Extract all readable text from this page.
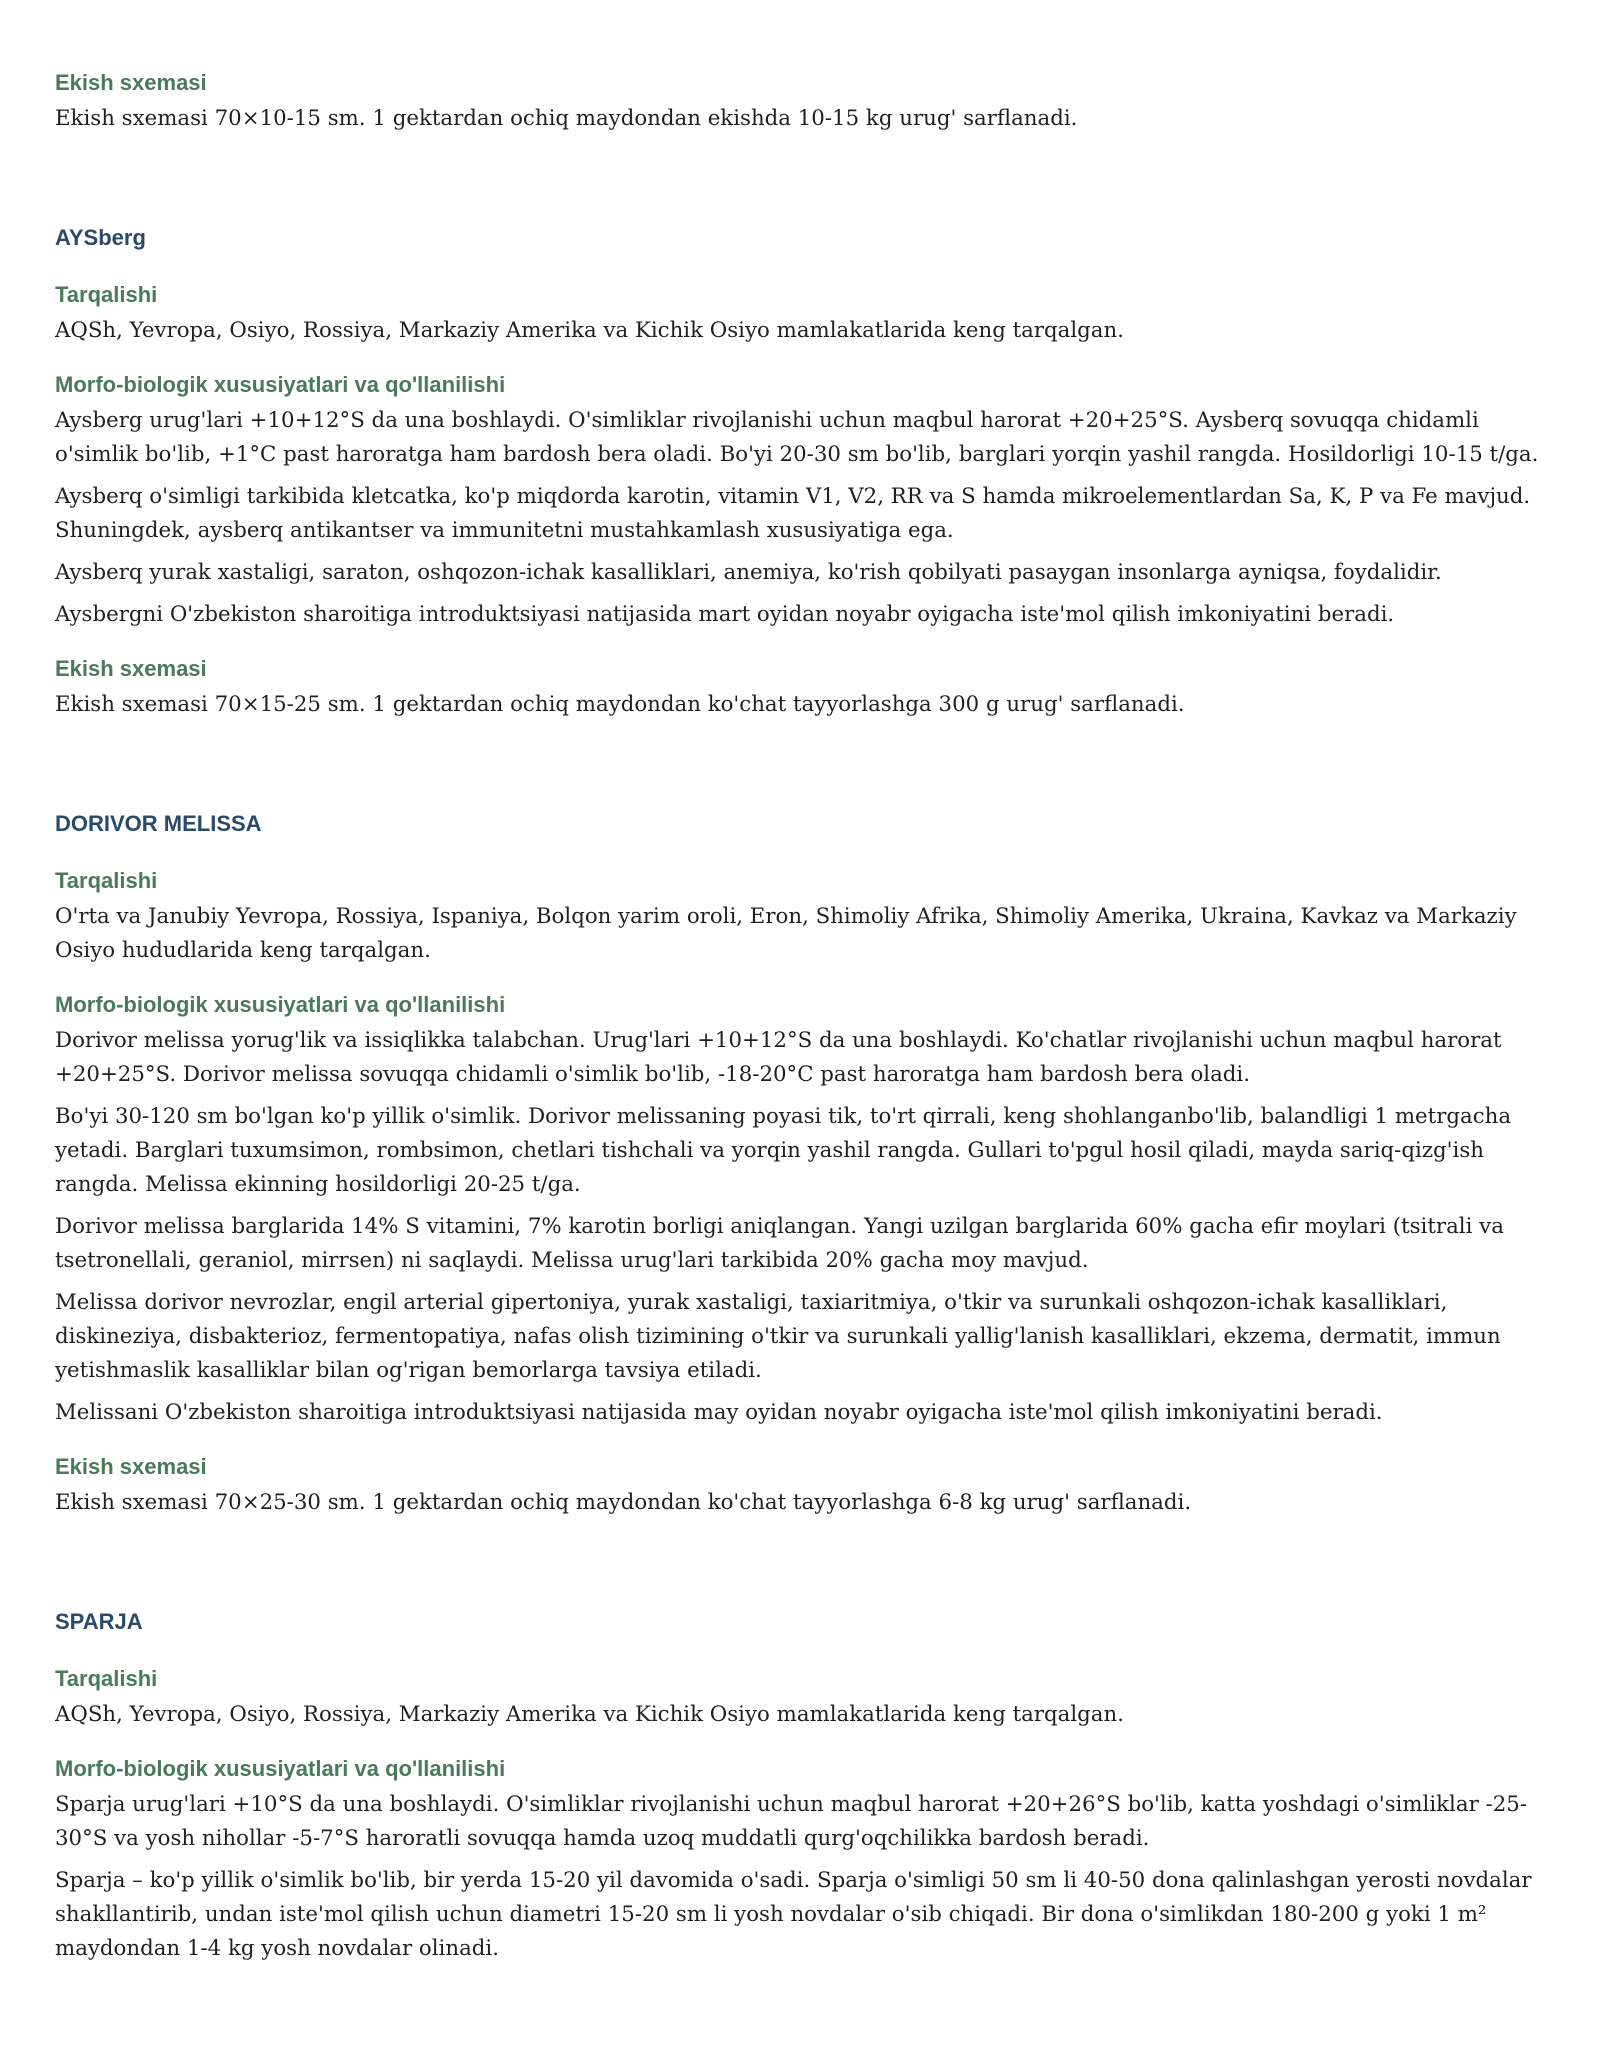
Ekish sxemasi

Ekish sxemasi 70×10-15 sm. 1 gektardan ochiq maydondan ekishda 10-15 kg urug' sarflanadi.

AYSberg
Tarqalishi

AQSh, Yevropa, Osiyo, Rossiya, Markaziy Amerika va Kichik Osiyo mamlakatlarida keng tarqalgan.

Morfo-biologik xususiyatlari va qo'llanilishi

Aysberg urug'lari +10+12°S da una boshlaydi. O'simliklar rivojlanishi uchun maqbul harorat +20+25°S. Aysberq sovuqqa chidamli o'simlik bo'lib, +1°C past haroratga ham bardosh bera oladi. Bo'yi 20-30 sm bo'lib, barglari yorqin yashil rangda. Hosildorligi 10-15 t/ga.

Aysberq o'simligi tarkibida kletcatka, ko'p miqdorda karotin, vitamin V1, V2, RR va S hamda mikroelementlardan Sa, K, P va Fe mavjud. Shuningdek, aysberq antikantser va immunitetni mustahkamlash xususiyatiga ega.

Aysberq yurak xastaligi, saraton, oshqozon-ichak kasalliklari, anemiya, ko'rish qobilyati pasaygan insonlarga ayniqsa, foydalidir.

Aysbergni O'zbekiston sharoitiga introduktsiyasi natijasida mart oyidan noyabr oyigacha iste'mol qilish imkoniyatini beradi.

Ekish sxemasi

Ekish sxemasi 70×15-25 sm. 1 gektardan ochiq maydondan ko'chat tayyorlashga 300 g urug' sarflanadi.

DORIVOR MELISSA
Tarqalishi

O'rta va Janubiy Yevropa, Rossiya, Ispaniya, Bolqon yarim oroli, Eron, Shimoliy Afrika, Shimoliy Amerika, Ukraina, Kavkaz va Markaziy Osiyo hududlarida keng tarqalgan.

Morfo-biologik xususiyatlari va qo'llanilishi

Dorivor melissa yorug'lik va issiqlikka talabchan. Urug'lari +10+12°S da una boshlaydi. Ko'chatlar rivojlanishi uchun maqbul harorat +20+25°S. Dorivor melissa sovuqqa chidamli o'simlik bo'lib, -18-20°C past haroratga ham bardosh bera oladi.

Bo'yi 30-120 sm bo'lgan ko'p yillik o'simlik. Dorivor melissaning poyasi tik, to'rt qirrali, keng shohlanganbo'lib, balandligi 1 metrgacha yetadi. Barglari tuxumsimon, rombsimon, chetlari tishchali va yorqin yashil rangda. Gullari to'pgul hosil qiladi, mayda sariq-qizg'ish rangda. Melissa ekinning hosildorligi 20-25 t/ga.

Dorivor melissa barglarida 14% S vitamini, 7% karotin borligi aniqlangan. Yangi uzilgan barglarida 60% gacha efir moylari (tsitrali va tsetronellali, geraniol, mirrsen) ni saqlaydi. Melissa urug'lari tarkibida 20% gacha moy mavjud.

Melissa dorivor nevrozlar, engil arterial gipertoniya, yurak xastaligi, taxiaritmiya, o'tkir va surunkali oshqozon-ichak kasalliklari, diskineziya, disbakterioz, fermentopatiya, nafas olish tizimining o'tkir va surunkali yallig'lanish kasalliklari, ekzema, dermatit, immun yetishmaslik kasalliklar bilan og'rigan bemorlarga tavsiya etiladi.

Melissani O'zbekiston sharoitiga introduktsiyasi natijasida may oyidan noyabr oyigacha iste'mol qilish imkoniyatini beradi.

Ekish sxemasi

Ekish sxemasi 70×25-30 sm. 1 gektardan ochiq maydondan ko'chat tayyorlashga 6-8 kg urug' sarflanadi.

SPARJA
Tarqalishi

AQSh, Yevropa, Osiyo, Rossiya, Markaziy Amerika va Kichik Osiyo mamlakatlarida keng tarqalgan.

Morfo-biologik xususiyatlari va qo'llanilishi

Sparja urug'lari +10°S da una boshlaydi. O'simliklar rivojlanishi uchun maqbul harorat +20+26°S bo'lib, katta yoshdagi o'simliklar -25-30°S va yosh nihollar -5-7°S haroratli sovuqqa hamda uzoq muddatli qurg'oqchilikka bardosh beradi.

Sparja – ko'p yillik o'simlik bo'lib, bir yerda 15-20 yil davomida o'sadi. Sparja o'simligi 50 sm li 40-50 dona qalinlashgan yerosti novdalar shakllantirib, undan iste'mol qilish uchun diametri 15-20 sm li yosh novdalar o'sib chiqadi. Bir dona o'simlikdan 180-200 g yoki 1 m² maydondan 1-4 kg yosh novdalar olinadi.
